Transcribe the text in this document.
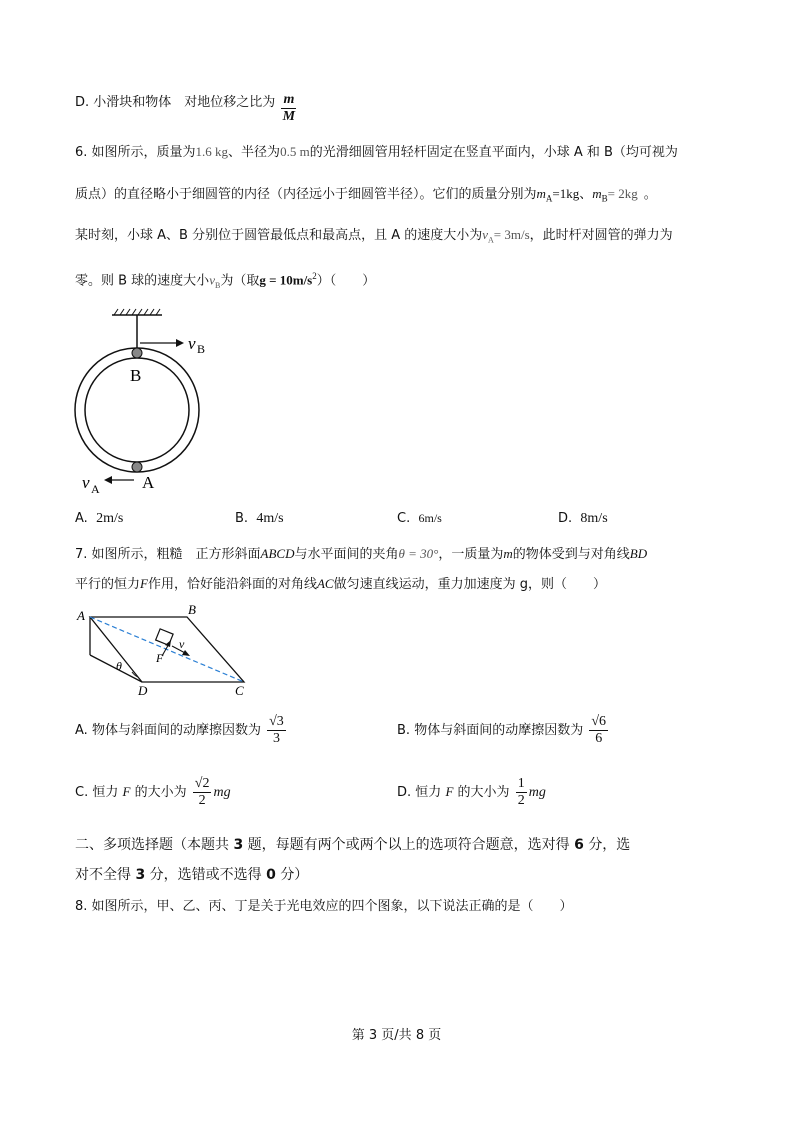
D. 小滑块和物体　对地位移之比为 $\frac{m}{M}$
6. 如图所示，质量为1.6 kg、半径为0.5 m的光滑细圆管用轻杆固定在竖直平面内，小球 A 和 B（均可视为
质点）的直径略小于细圆管的内径（内径远小于细圆管半径）。它们的质量分别为$m_A=1kg$、$m_B= 2kg$ 。
某时刻，小球 A、B 分别位于圆管最低点和最高点，且 A 的速度大小为$v_A= 3m/s$，此时杆对圆管的弹力为
零。则 B 球的速度大小$v_B$为（取$g = 10m/s^2$）（　　）
v B
B
v A A
A. 2m/s	B. 4m/s	C. 6m/s	D. 8m/s
7. 如图所示，粗糙　正方形斜面ABCD与水平面间的夹角θ = 30°，一质量为m的物体受到与对角线BD
平行的恒力F作用，恰好能沿斜面的对角线AC做匀速直线运动，重力加速度为 g，则（　　）
A	B
C
D
θ
F
v
A. 物体与斜面间的动摩擦因数为 $\frac{√3}{3}$	B. 物体与斜面间的动摩擦因数为 $\frac{√6}{6}$
C. 恒力 F 的大小为 $\frac{√2}{2}$ mg	D. 恒力 F 的大小为 $\frac{1}{2}$ mg
二、多项选择题（本题共 3 题，每题有两个或两个以上的选项符合题意，选对得 6 分，选
对不全得 3 分，选错或不选得 0 分）
8. 如图所示，甲、乙、丙、丁是关于光电效应的四个图象，以下说法正确的是（　　）
第 3 页/共 8 页
